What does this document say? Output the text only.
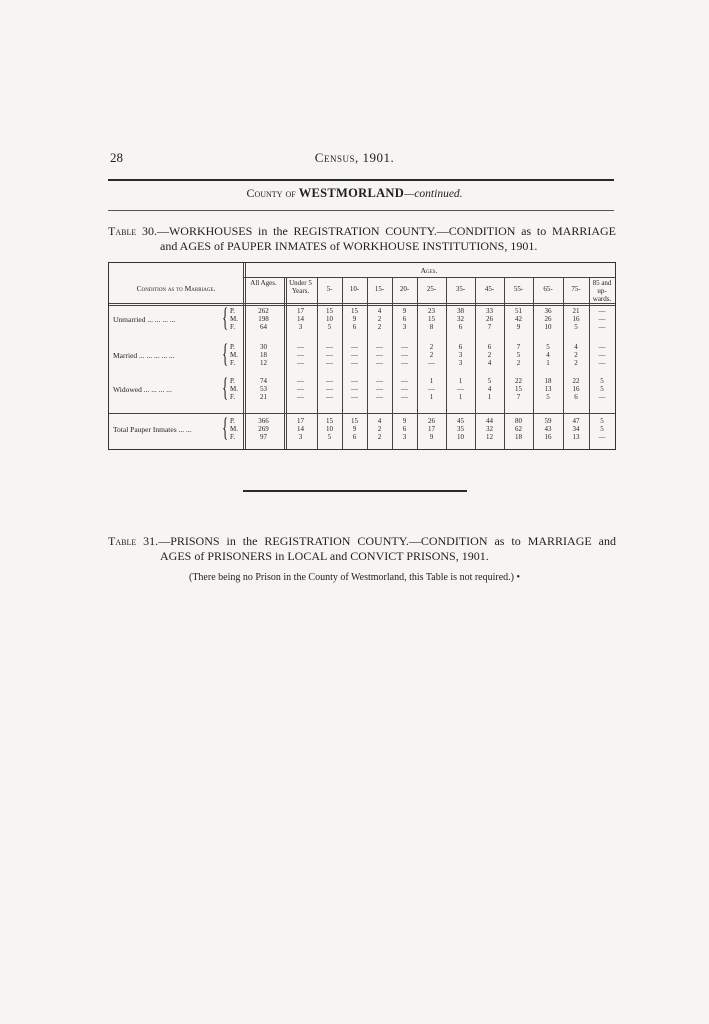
28	Census, 1901.
County of WESTMORLAND—continued.
Table 30.—WORKHOUSES in the REGISTRATION COUNTY.—CONDITION as to MARRIAGE
and AGES of PAUPER INMATES of WORKHOUSE INSTITUTIONS, 1901.
Condition as to Marriage.
Ages.
All Ages.	Under 5 Years.	5-	10-	15-	20-	25-	35-	45-	55-	65-	75-
85 and up-wards.
Unmarried ... ... ... ... { P.	262	17	15	15	4	9	23	38	33	51	36	21	—
M.	198	14	10	9	2	6	15	32	26	42	26	16	—
F.	64	3	5	6	2	3	8	6	7	9	10	5	—
Married ... ... ... ... ... { P.	30	—	—	—	—	—	2	6	6	7	5	4	—
M.	18	—	—	—	—	—	2	3	2	5	4	2	—
F.	12	—	—	—	—	—	—	3	4	2	1	2	—
Widowed ... ... ... ... { P.	74	—	—	—	—	—	1	1	5	22	18	22	5
M.	53	—	—	—	—	—	—	—	4	15	13	16	5
F.	21	—	—	—	—	—	1	1	1	7	5	6	—
Total Pauper Inmates ... ... { P.	366	17	15	15	4	9	26	45	44	80	59	47	5
M.	269	14	10	9	2	6	17	35	32	62	43	34	5
F.	97	3	5	6	2	3	9	10	12	18	16	13	—
Table 31.—PRISONS in the REGISTRATION COUNTY.—CONDITION as to MARRIAGE and
AGES of PRISONERS in LOCAL and CONVICT PRISONS, 1901.
(There being no Prison in the County of Westmorland, this Table is not required.) •
